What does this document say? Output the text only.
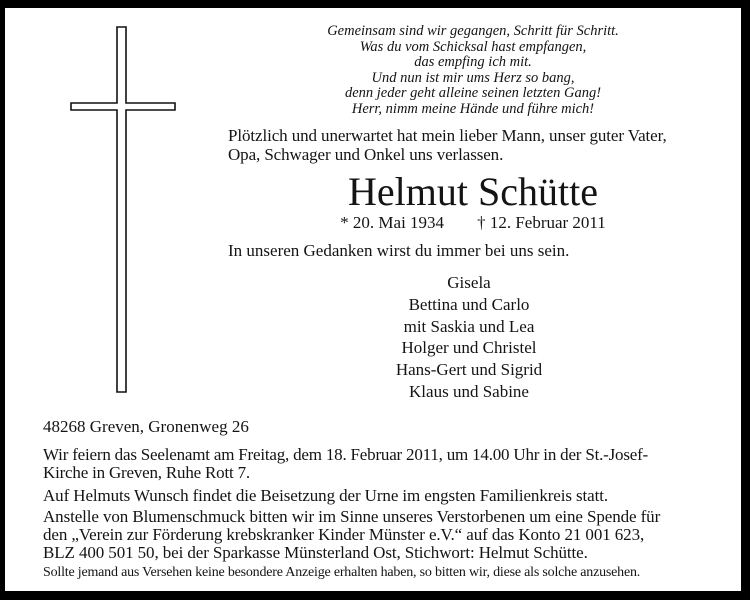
Gemeinsam sind wir gegangen, Schritt für Schritt.
Was du vom Schicksal hast empfangen,
das empfing ich mit.
Und nun ist mir ums Herz so bang,
denn jeder geht alleine seinen letzten Gang!
Herr, nimm meine Hände und führe mich!
Plötzlich und unerwartet hat mein lieber Mann, unser guter Vater,
Opa, Schwager und Onkel uns verlassen.
Helmut Schütte
* 20. Mai 1934 † 12. Februar 2011
In unseren Gedanken wirst du immer bei uns sein.
Gisela
Bettina und Carlo
mit Saskia und Lea
Holger und Christel
Hans-Gert und Sigrid
Klaus und Sabine
48268 Greven, Gronenweg 26
Wir feiern das Seelenamt am Freitag, dem 18. Februar 2011, um 14.00 Uhr in der St.-Josef-
Kirche in Greven, Ruhe Rott 7.
Auf Helmuts Wunsch findet die Beisetzung der Urne im engsten Familienkreis statt.
Anstelle von Blumenschmuck bitten wir im Sinne unseres Verstorbenen um eine Spende für
den „Verein zur Förderung krebskranker Kinder Münster e.V.“ auf das Konto 21 001 623,
BLZ 400 501 50, bei der Sparkasse Münsterland Ost, Stichwort: Helmut Schütte.
Sollte jemand aus Versehen keine besondere Anzeige erhalten haben, so bitten wir, diese als solche anzusehen.
